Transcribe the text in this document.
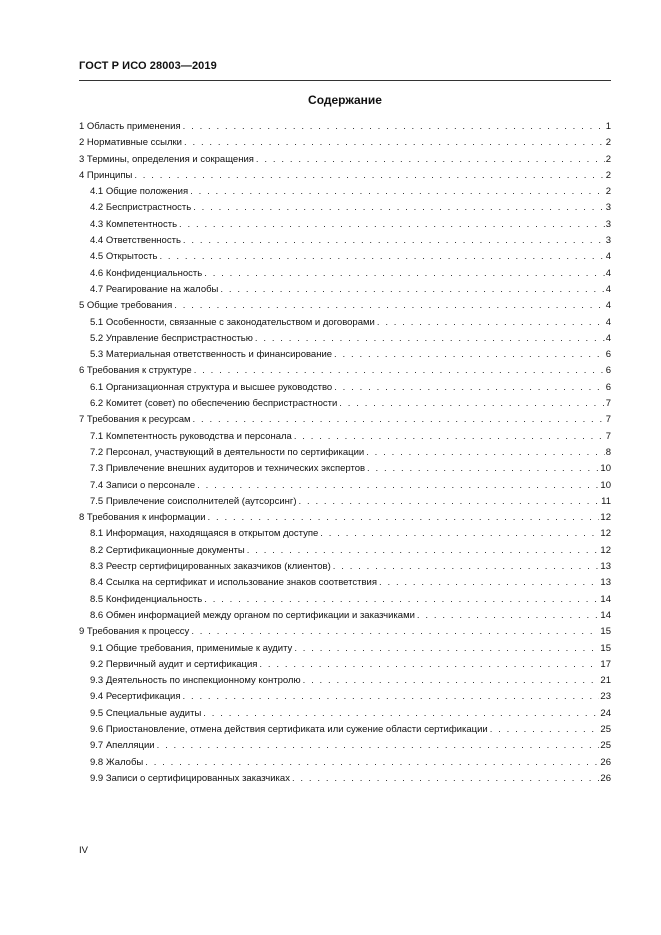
ГОСТ Р ИСО 28003—2019
Содержание
1 Область применения . . .	1
2 Нормативные ссылки . . .	2
3 Термины, определения и сокращения . . .	2
4 Принципы . . .	2
4.1 Общие положения . . .	2
4.2 Беспристрастность . . .	3
4.3 Компетентность . . .	3
4.4 Ответственность . . .	3
4.5 Открытость . . .	4
4.6 Конфиденциальность . . .	4
4.7 Реагирование на жалобы . . .	4
5 Общие требования . . .	4
5.1 Особенности, связанные с законодательством и договорами . . .	4
5.2 Управление беспристрастностью . . .	4
5.3 Материальная ответственность и финансирование . . .	6
6 Требования к структуре . . .	6
6.1 Организационная структура и высшее руководство . . .	6
6.2 Комитет (совет) по обеспечению беспристрастности . . .	7
7 Требования к ресурсам . . .	7
7.1 Компетентность руководства и персонала . . .	7
7.2 Персонал, участвующий в деятельности по сертификации . . .	8
7.3 Привлечение внешних аудиторов и технических экспертов . . .	10
7.4 Записи о персонале . . .	10
7.5 Привлечение соисполнителей (аутсорсинг) . . .	11
8 Требования к информации . . .	12
8.1 Информация, находящаяся в открытом доступе . . .	12
8.2 Сертификационные документы . . .	12
8.3 Реестр сертифицированных заказчиков (клиентов) . . .	13
8.4 Ссылка на сертификат и использование знаков соответствия . . .	13
8.5 Конфиденциальность . . .	14
8.6 Обмен информацией между органом по сертификации и заказчиками . . .	14
9 Требования к процессу . . .	15
9.1 Общие требования, применимые к аудиту . . .	15
9.2 Первичный аудит и сертификация . . .	17
9.3 Деятельность по инспекционному контролю . . .	21
9.4 Ресертификация . . .	23
9.5 Специальные аудиты . . .	24
9.6 Приостановление, отмена действия сертификата или сужение области сертификации . . .	25
9.7 Апелляции . . .	25
9.8 Жалобы . . .	26
9.9 Записи о сертифицированных заказчиках . . .	26
IV
